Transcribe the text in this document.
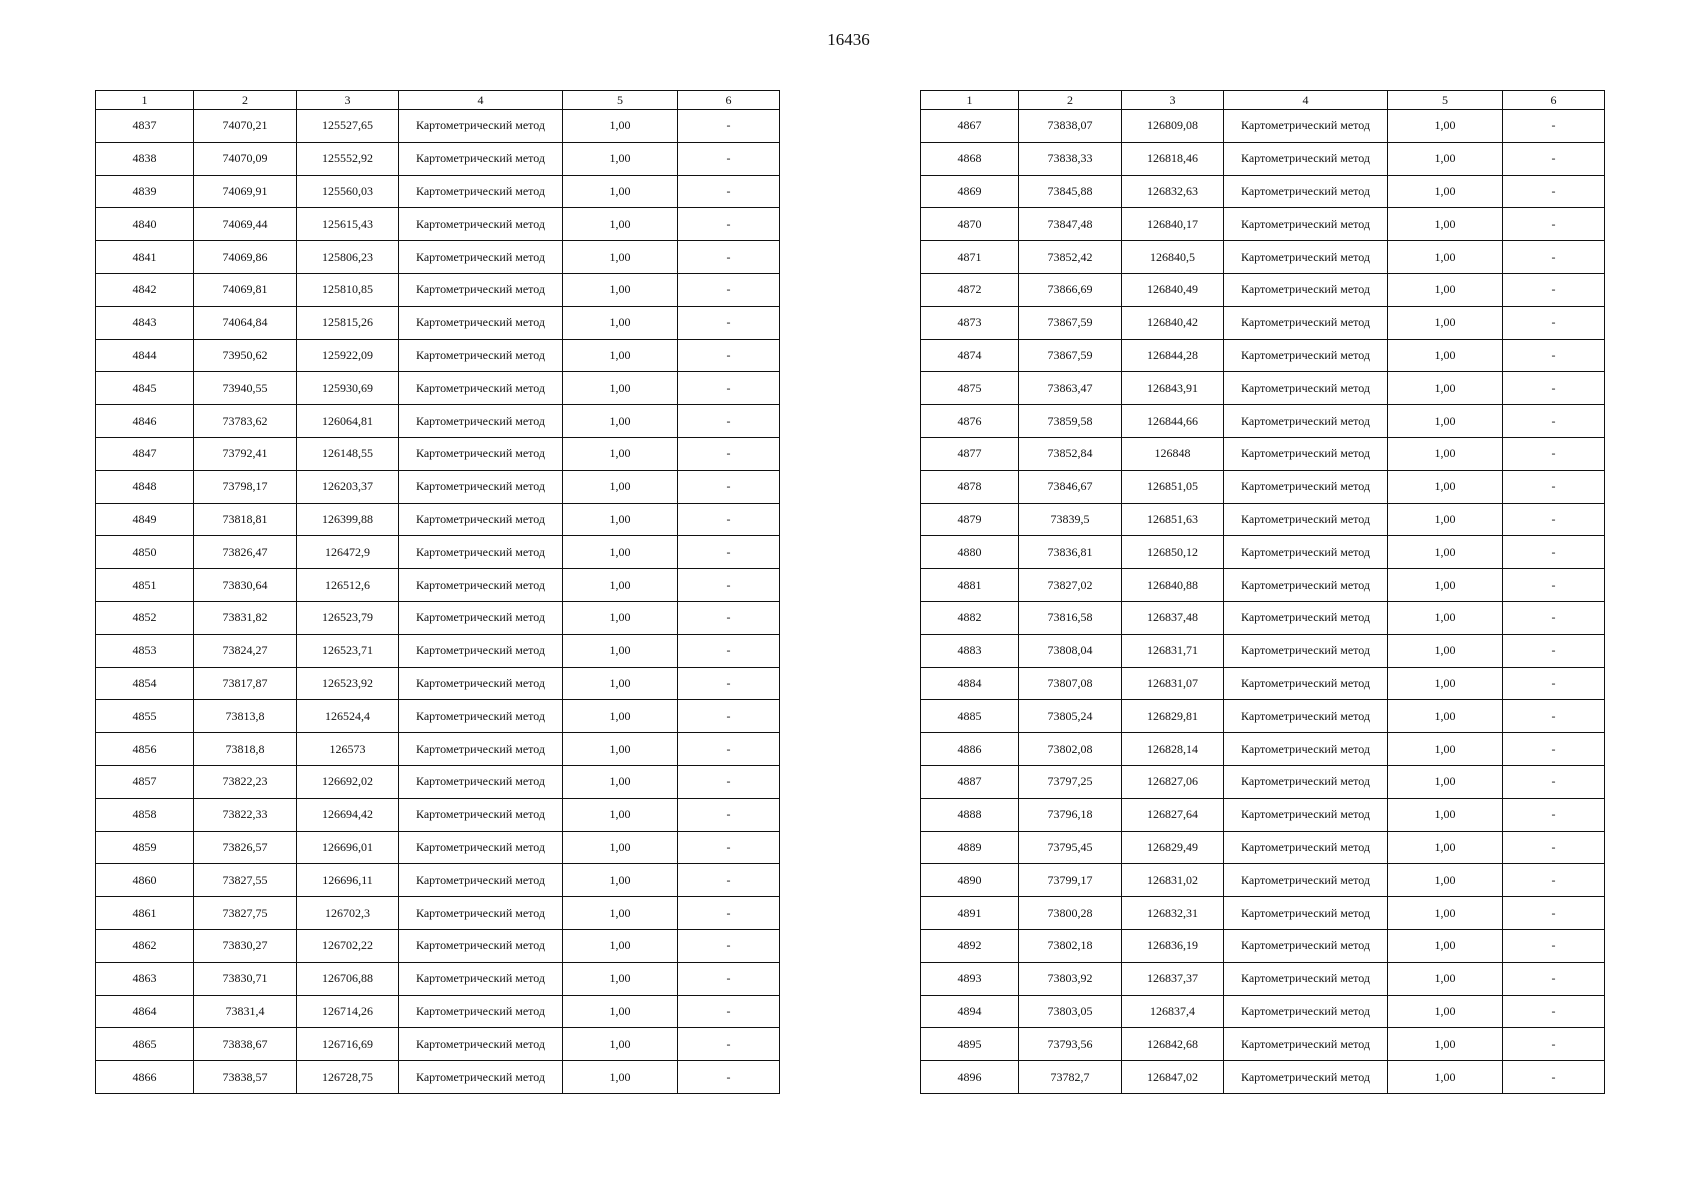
16436
1	2	3	4	5	6
4837	74070,21	125527,65	Картометрический метод	1,00	-
4838	74070,09	125552,92	Картометрический метод	1,00	-
4839	74069,91	125560,03	Картометрический метод	1,00	-
4840	74069,44	125615,43	Картометрический метод	1,00	-
4841	74069,86	125806,23	Картометрический метод	1,00	-
4842	74069,81	125810,85	Картометрический метод	1,00	-
4843	74064,84	125815,26	Картометрический метод	1,00	-
4844	73950,62	125922,09	Картометрический метод	1,00	-
4845	73940,55	125930,69	Картометрический метод	1,00	-
4846	73783,62	126064,81	Картометрический метод	1,00	-
4847	73792,41	126148,55	Картометрический метод	1,00	-
4848	73798,17	126203,37	Картометрический метод	1,00	-
4849	73818,81	126399,88	Картометрический метод	1,00	-
4850	73826,47	126472,9	Картометрический метод	1,00	-
4851	73830,64	126512,6	Картометрический метод	1,00	-
4852	73831,82	126523,79	Картометрический метод	1,00	-
4853	73824,27	126523,71	Картометрический метод	1,00	-
4854	73817,87	126523,92	Картометрический метод	1,00	-
4855	73813,8	126524,4	Картометрический метод	1,00	-
4856	73818,8	126573	Картометрический метод	1,00	-
4857	73822,23	126692,02	Картометрический метод	1,00	-
4858	73822,33	126694,42	Картометрический метод	1,00	-
4859	73826,57	126696,01	Картометрический метод	1,00	-
4860	73827,55	126696,11	Картометрический метод	1,00	-
4861	73827,75	126702,3	Картометрический метод	1,00	-
4862	73830,27	126702,22	Картометрический метод	1,00	-
4863	73830,71	126706,88	Картометрический метод	1,00	-
4864	73831,4	126714,26	Картометрический метод	1,00	-
4865	73838,67	126716,69	Картометрический метод	1,00	-
4866	73838,57	126728,75	Картометрический метод	1,00	-
1	2	3	4	5	6
4867	73838,07	126809,08	Картометрический метод	1,00	-
4868	73838,33	126818,46	Картометрический метод	1,00	-
4869	73845,88	126832,63	Картометрический метод	1,00	-
4870	73847,48	126840,17	Картометрический метод	1,00	-
4871	73852,42	126840,5	Картометрический метод	1,00	-
4872	73866,69	126840,49	Картометрический метод	1,00	-
4873	73867,59	126840,42	Картометрический метод	1,00	-
4874	73867,59	126844,28	Картометрический метод	1,00	-
4875	73863,47	126843,91	Картометрический метод	1,00	-
4876	73859,58	126844,66	Картометрический метод	1,00	-
4877	73852,84	126848	Картометрический метод	1,00	-
4878	73846,67	126851,05	Картометрический метод	1,00	-
4879	73839,5	126851,63	Картометрический метод	1,00	-
4880	73836,81	126850,12	Картометрический метод	1,00	-
4881	73827,02	126840,88	Картометрический метод	1,00	-
4882	73816,58	126837,48	Картометрический метод	1,00	-
4883	73808,04	126831,71	Картометрический метод	1,00	-
4884	73807,08	126831,07	Картометрический метод	1,00	-
4885	73805,24	126829,81	Картометрический метод	1,00	-
4886	73802,08	126828,14	Картометрический метод	1,00	-
4887	73797,25	126827,06	Картометрический метод	1,00	-
4888	73796,18	126827,64	Картометрический метод	1,00	-
4889	73795,45	126829,49	Картометрический метод	1,00	-
4890	73799,17	126831,02	Картометрический метод	1,00	-
4891	73800,28	126832,31	Картометрический метод	1,00	-
4892	73802,18	126836,19	Картометрический метод	1,00	-
4893	73803,92	126837,37	Картометрический метод	1,00	-
4894	73803,05	126837,4	Картометрический метод	1,00	-
4895	73793,56	126842,68	Картометрический метод	1,00	-
4896	73782,7	126847,02	Картометрический метод	1,00	-
